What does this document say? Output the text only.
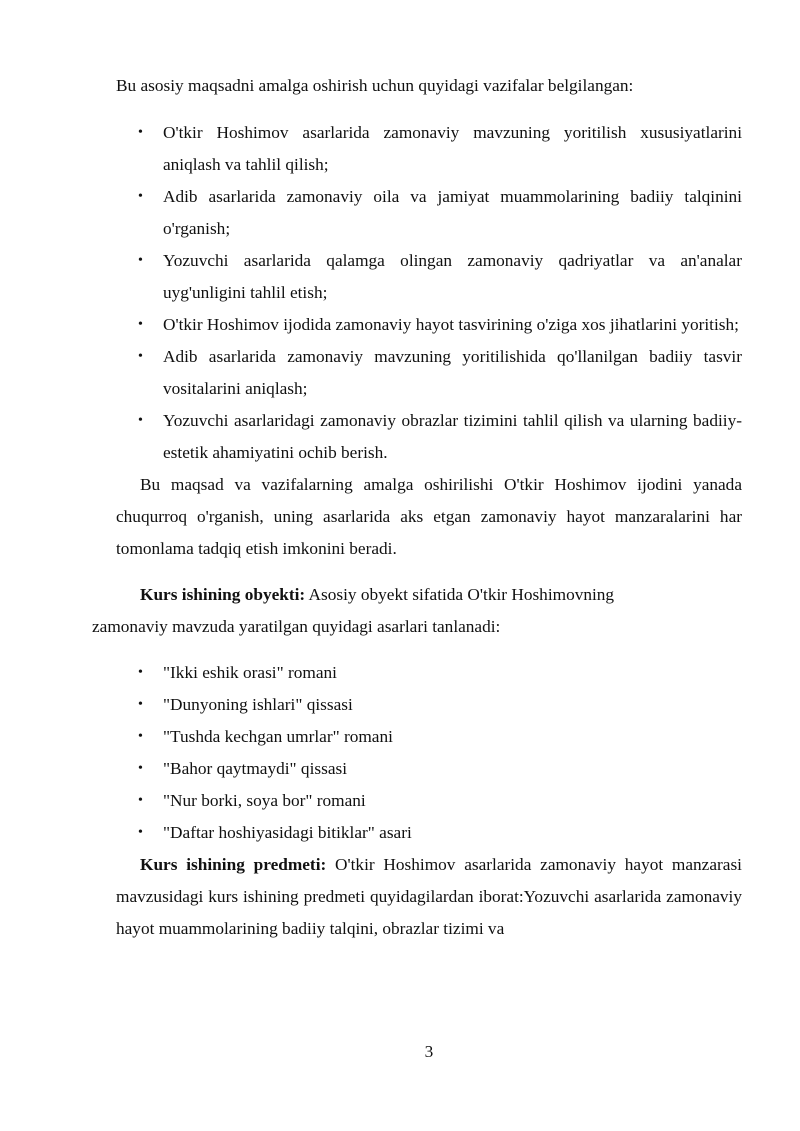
Bu asosiy maqsadni amalga oshirish uchun quyidagi vazifalar belgilangan:

• O'tkir Hoshimov asarlarida zamonaviy mavzuning yoritilish xususiyatlarini aniqlash va tahlil qilish;
• Adib asarlarida zamonaviy oila va jamiyat muammolarining badiiy talqinini o'rganish;
• Yozuvchi asarlarida qalamga olingan zamonaviy qadriyatlar va an'analar uyg'unligini tahlil etish;
• O'tkir Hoshimov ijodida zamonaviy hayot tasvirining o'ziga xos jihatlarini yoritish;
• Adib asarlarida zamonaviy mavzuning yoritilishida qo'llanilgan badiiy tasvir vositalarini aniqlash;
• Yozuvchi asarlaridagi zamonaviy obrazlar tizimini tahlil qilish va ularning badiiy-estetik ahamiyatini ochib berish.

Bu maqsad va vazifalarning amalga oshirilishi O'tkir Hoshimov ijodini yanada chuqurroq o'rganish, uning asarlarida aks etgan zamonaviy hayot manzaralarini har tomonlama tadqiq etish imkonini beradi.

Kurs ishining obyekti: Asosiy obyekt sifatida O'tkir Hoshimovning
zamonaviy mavzuda yaratilgan quyidagi asarlari tanlanadi:

• "Ikki eshik orasi" romani
• "Dunyoning ishlari" qissasi
• "Tushda kechgan umrlar" romani
• "Bahor qaytmaydi" qissasi
• "Nur borki, soya bor" romani
• "Daftar hoshiyasidagi bitiklar" asari

Kurs ishining predmeti: O'tkir Hoshimov asarlarida zamonaviy hayot manzarasi mavzusidagi kurs ishining predmeti quyidagilardan iborat:Yozuvchi asarlarida zamonaviy hayot muammolarining badiiy talqini, obrazlar tizimi va

3
